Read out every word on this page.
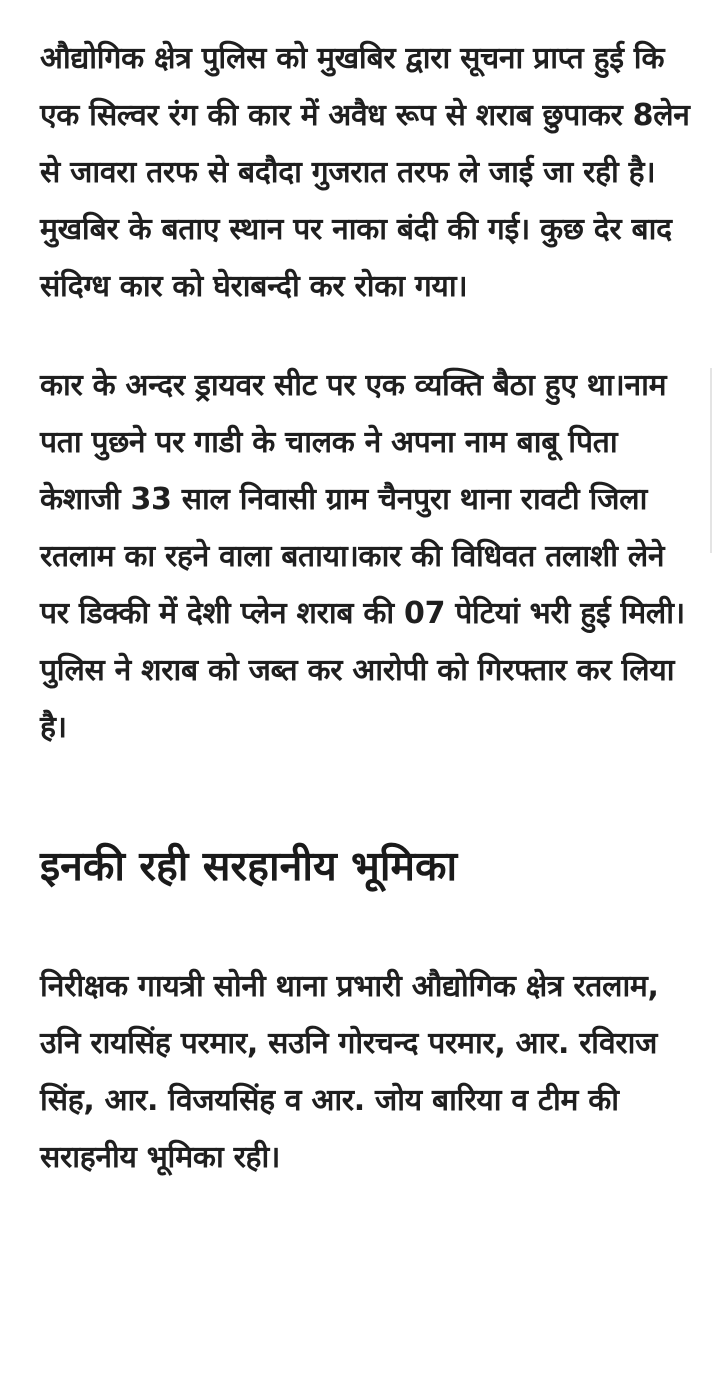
औद्योगिक क्षेत्र पुलिस को मुखबिर द्वारा सूचना प्राप्त हुई कि एक सिल्वर रंग की कार में अवैध रूप से शराब छुपाकर 8लेन से जावरा तरफ से बदौदा गुजरात तरफ ले जाई जा रही है। मुखबिर के बताए स्थान पर नाका बंदी की गई। कुछ देर बाद संदिग्ध कार को घेराबन्दी कर रोका गया।

कार के अन्दर ड्रायवर सीट पर एक व्यक्ति बैठा हुए था।नाम पता पुछने पर गाडी के चालक ने अपना नाम बाबू पिता केशाजी 33 साल निवासी ग्राम चैनपुरा थाना रावटी जिला रतलाम का रहने वाला बताया।कार की विधिवत तलाशी लेने पर डिक्की में देशी प्लेन शराब की 07 पेटियां भरी हुई मिली। पुलिस ने शराब को जब्त कर आरोपी को गिरफ्तार कर लिया है।

इनकी रही सरहानीय भूमिका

निरीक्षक गायत्री सोनी थाना प्रभारी औद्योगिक क्षेत्र रतलाम, उनि रायसिंह परमार, सउनि गोरचन्द परमार, आर. रविराज सिंह, आर. विजयसिंह व आर. जोय बारिया व टीम की सराहनीय भूमिका रही।
